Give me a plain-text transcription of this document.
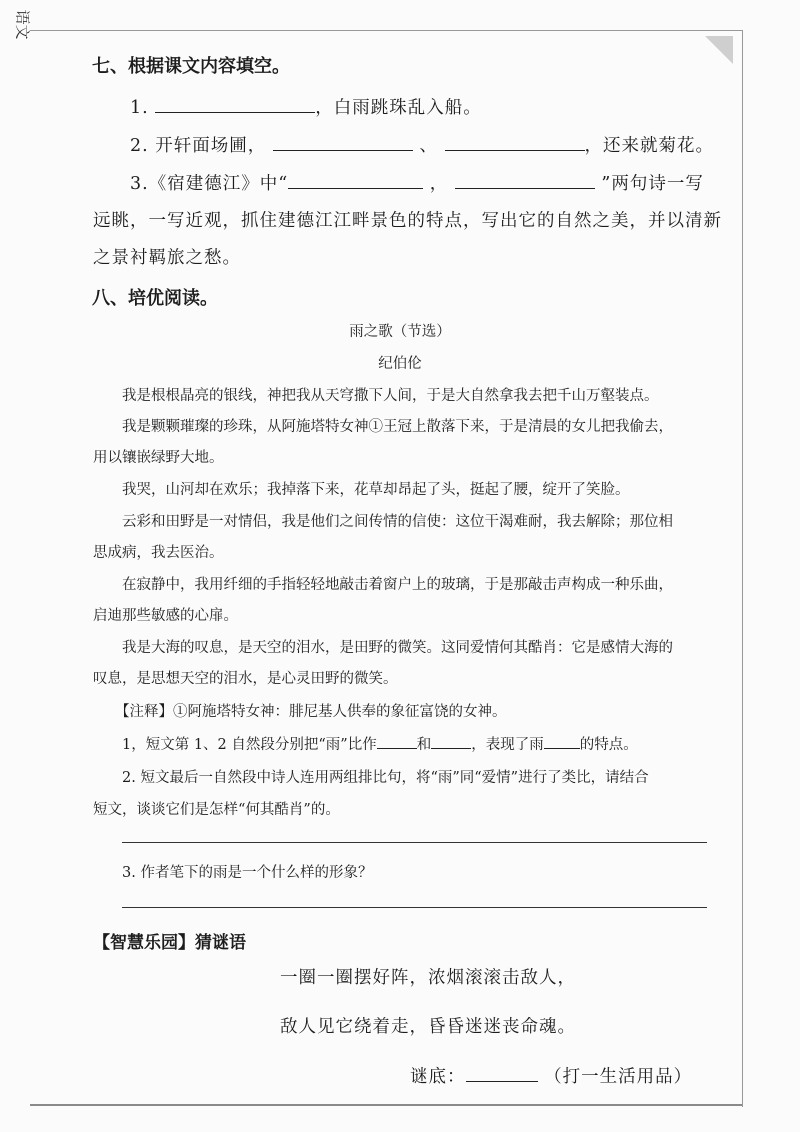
语文
七、根据课文内容填空。
1.	，白雨跳珠乱入船。
2. 开轩面场圃，	、	，还来就菊花。
3.《宿建德江》中“	，	”两句诗一写
远眺，一写近观，抓住建德江江畔景色的特点，写出它的自然之美，并以清新
之景衬羁旅之愁。
八、培优阅读。
雨之歌（节选）
纪伯伦
我是根根晶亮的银线，神把我从天穹撒下人间，于是大自然拿我去把千山万壑装点。
我是颗颗璀璨的珍珠，从阿施塔特女神①王冠上散落下来，于是清晨的女儿把我偷去，
用以镶嵌绿野大地。
我哭，山河却在欢乐；我掉落下来，花草却昂起了头，挺起了腰，绽开了笑脸。
云彩和田野是一对情侣，我是他们之间传情的信使：这位干渴难耐，我去解除；那位相
思成病，我去医治。
在寂静中，我用纤细的手指轻轻地敲击着窗户上的玻璃，于是那敲击声构成一种乐曲，
启迪那些敏感的心扉。
我是大海的叹息，是天空的泪水，是田野的微笑。这同爱情何其酷肖：它是感情大海的
叹息，是思想天空的泪水，是心灵田野的微笑。
【注释】①阿施塔特女神：腓尼基人供奉的象征富饶的女神。
1，短文第 1、2 自然段分别把“雨”比作	和	，表现了雨 的特点。
2. 短文最后一自然段中诗人连用两组排比句，将“雨”同“爱情”进行了类比，请结合
短文，谈谈它们是怎样“何其酷肖”的。
3. 作者笔下的雨是一个什么样的形象？
【智慧乐园】猜谜语
一圈一圈摆好阵，浓烟滚滚击敌人，
敌人见它绕着走，昏昏迷迷丧命魂。
谜底：	（打一生活用品）
